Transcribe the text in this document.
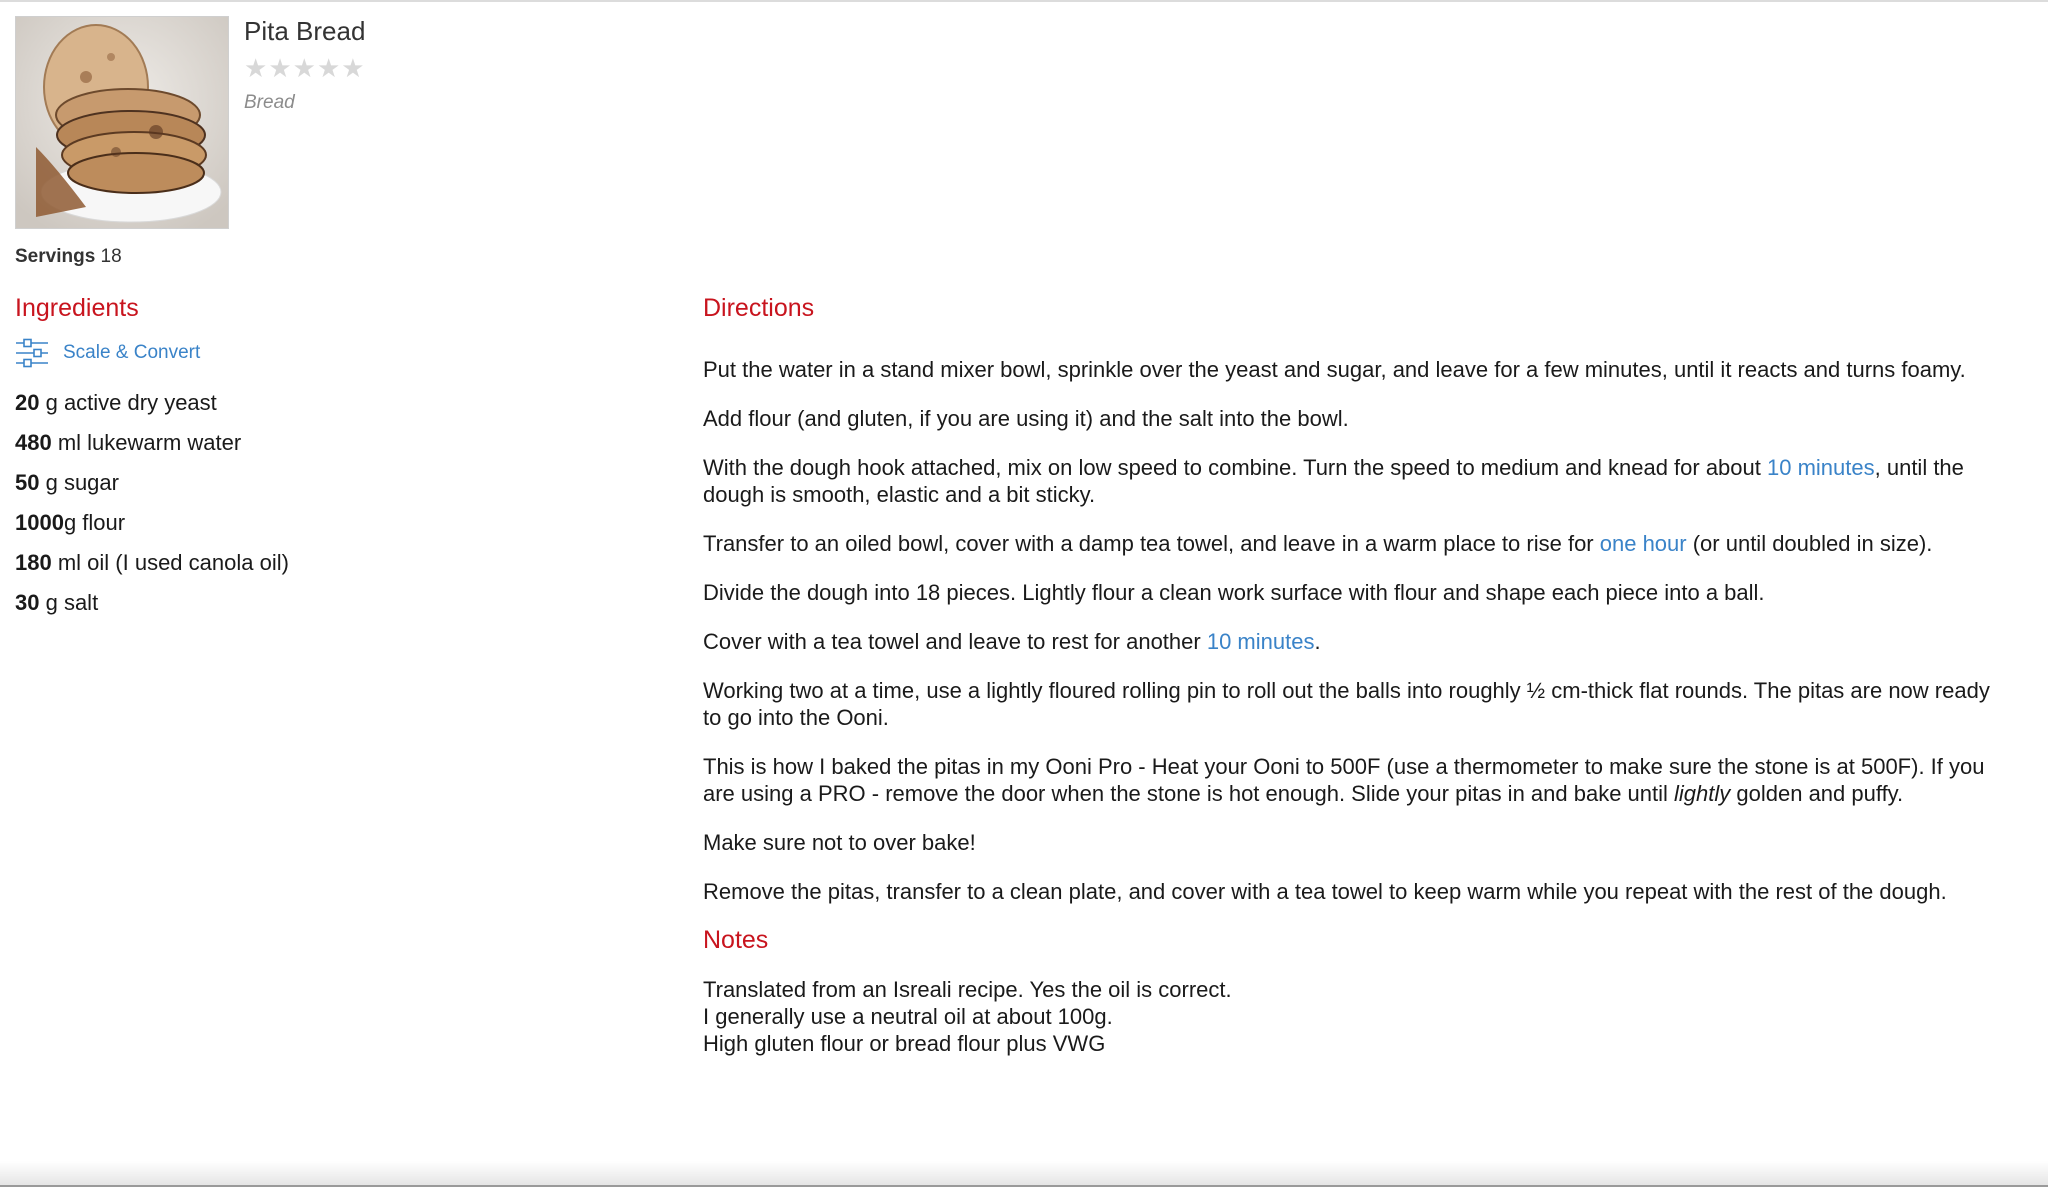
Pita Bread
★ ★ ★ ★ ★
Bread
Servings 18
Ingredients
Scale & Convert
20 g active dry yeast
480 ml lukewarm water
50 g sugar
1000g flour
180 ml oil (I used canola oil)
30 g salt
Directions

Put the water in a stand mixer bowl, sprinkle over the yeast and sugar, and leave for a few minutes, until it reacts and turns foamy.

Add flour (and gluten, if you are using it) and the salt into the bowl.

With the dough hook attached, mix on low speed to combine. Turn the speed to medium and knead for about 10 minutes, until the dough is smooth, elastic and a bit sticky.

Transfer to an oiled bowl, cover with a damp tea towel, and leave in a warm place to rise for one hour (or until doubled in size).

Divide the dough into 18 pieces. Lightly flour a clean work surface with flour and shape each piece into a ball.

Cover with a tea towel and leave to rest for another 10 minutes.

Working two at a time, use a lightly floured rolling pin to roll out the balls into roughly ½ cm-thick flat rounds. The pitas are now ready to go into the Ooni.

This is how I baked the pitas in my Ooni Pro - Heat your Ooni to 500F (use a thermometer to make sure the stone is at 500F). If you are using a PRO - remove the door when the stone is hot enough. Slide your pitas in and bake until lightly golden and puffy.

Make sure not to over bake!

Remove the pitas, transfer to a clean plate, and cover with a tea towel to keep warm while you repeat with the rest of the dough.

Notes

Translated from an Isreali recipe. Yes the oil is correct.

I generally use a neutral oil at about 100g.

High gluten flour or bread flour plus VWG
